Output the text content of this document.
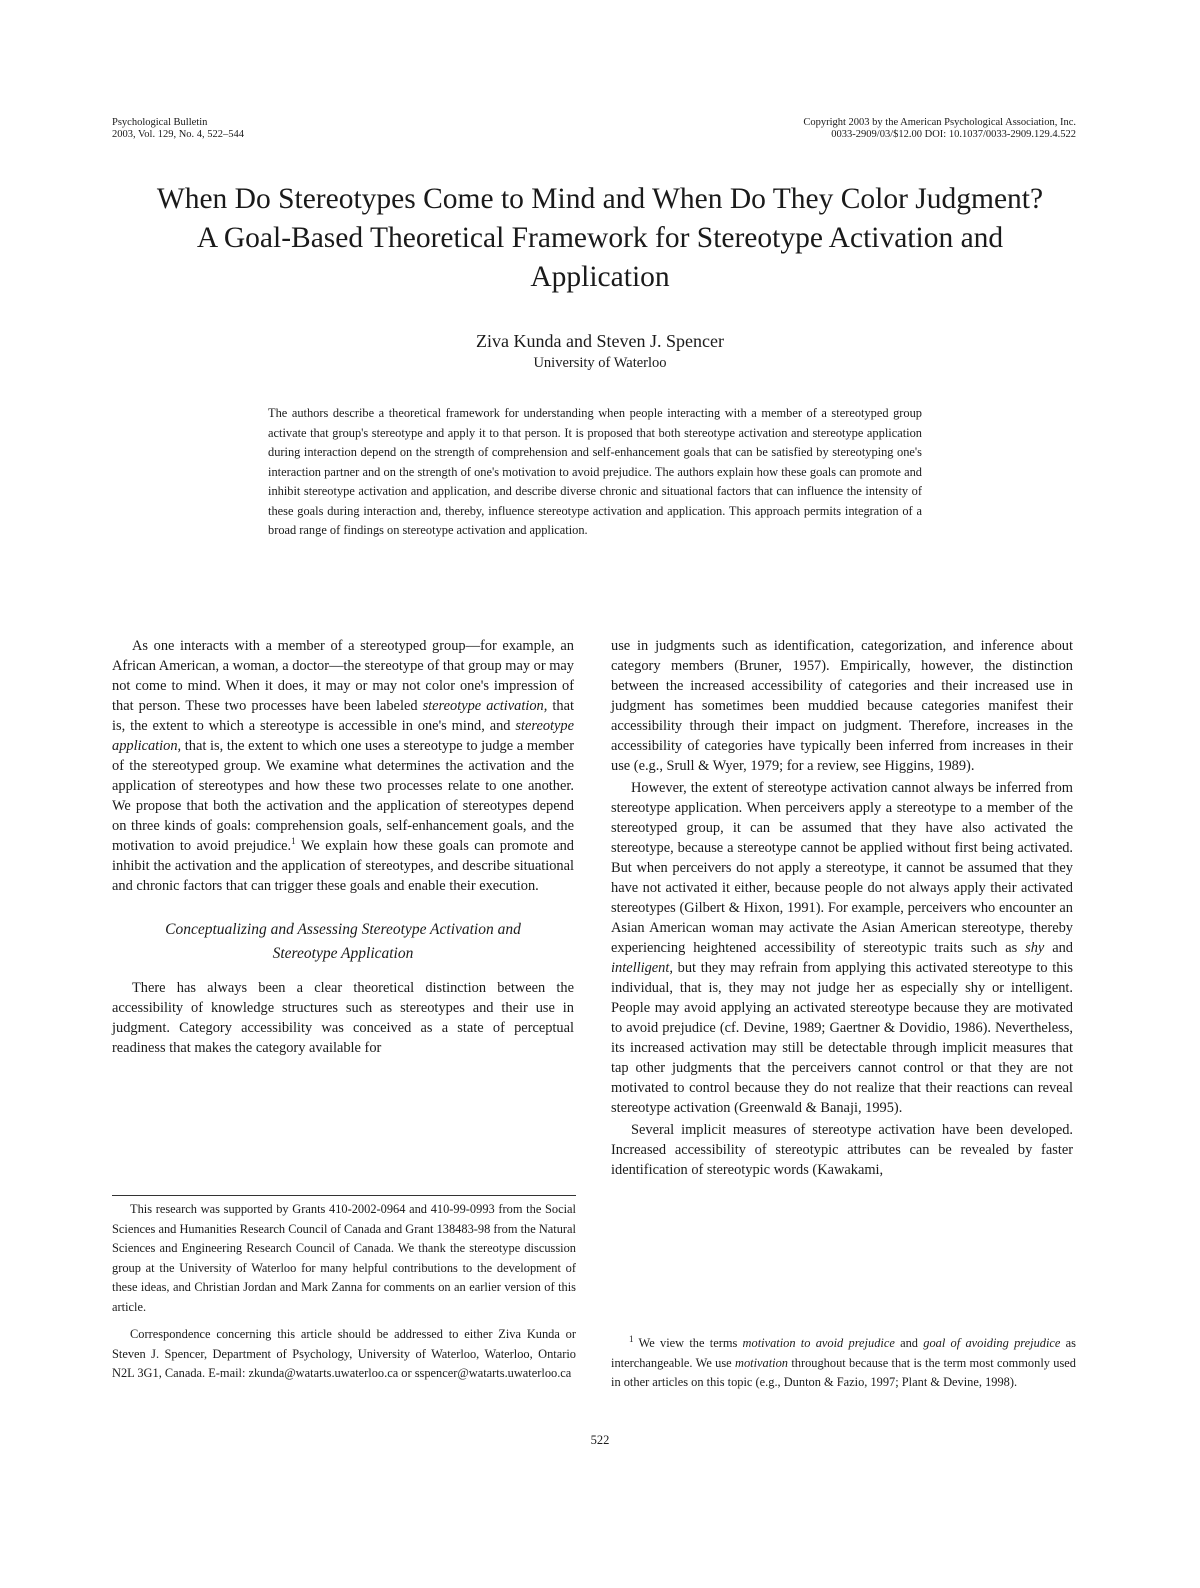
Psychological Bulletin
2003, Vol. 129, No. 4, 522–544
Copyright 2003 by the American Psychological Association, Inc.
0033-2909/03/$12.00 DOI: 10.1037/0033-2909.129.4.522
When Do Stereotypes Come to Mind and When Do They Color Judgment?
A Goal-Based Theoretical Framework for Stereotype Activation and
Application
Ziva Kunda and Steven J. Spencer
University of Waterloo
The authors describe a theoretical framework for understanding when people interacting with a member of a stereotyped group activate that group's stereotype and apply it to that person. It is proposed that both stereotype activation and stereotype application during interaction depend on the strength of comprehension and self-enhancement goals that can be satisfied by stereotyping one's interaction partner and on the strength of one's motivation to avoid prejudice. The authors explain how these goals can promote and inhibit stereotype activation and application, and describe diverse chronic and situational factors that can influence the intensity of these goals during interaction and, thereby, influence stereotype activation and application. This approach permits integration of a broad range of findings on stereotype activation and application.

As one interacts with a member of a stereotyped group—for example, an African American, a woman, a doctor—the stereotype of that group may or may not come to mind. When it does, it may or may not color one's impression of that person. These two processes have been labeled stereotype activation, that is, the extent to which a stereotype is accessible in one's mind, and stereotype application, that is, the extent to which one uses a stereotype to judge a member of the stereotyped group. We examine what determines the activation and the application of stereotypes and how these two processes relate to one another. We propose that both the activation and the application of stereotypes depend on three kinds of goals: comprehension goals, self-enhancement goals, and the motivation to avoid prejudice.$^1$ We explain how these goals can promote and inhibit the activation and the application of stereotypes, and describe situational and chronic factors that can trigger these goals and enable their execution.

Conceptualizing and Assessing Stereotype Activation and
Stereotype Application

There has always been a clear theoretical distinction between the accessibility of knowledge structures such as stereotypes and their use in judgment. Category accessibility was conceived as a state of perceptual readiness that makes the category available for

use in judgments such as identification, categorization, and inference about category members (Bruner, 1957). Empirically, however, the distinction between the increased accessibility of categories and their increased use in judgment has sometimes been muddied because categories manifest their accessibility through their impact on judgment. Therefore, increases in the accessibility of categories have typically been inferred from increases in their use (e.g., Srull & Wyer, 1979; for a review, see Higgins, 1989).

However, the extent of stereotype activation cannot always be inferred from stereotype application. When perceivers apply a stereotype to a member of the stereotyped group, it can be assumed that they have also activated the stereotype, because a stereotype cannot be applied without first being activated. But when perceivers do not apply a stereotype, it cannot be assumed that they have not activated it either, because people do not always apply their activated stereotypes (Gilbert & Hixon, 1991). For example, perceivers who encounter an Asian American woman may activate the Asian American stereotype, thereby experiencing heightened accessibility of stereotypic traits such as shy and intelligent, but they may refrain from applying this activated stereotype to this individual, that is, they may not judge her as especially shy or intelligent. People may avoid applying an activated stereotype because they are motivated to avoid prejudice (cf. Devine, 1989; Gaertner & Dovidio, 1986). Nevertheless, its increased activation may still be detectable through implicit measures that tap other judgments that the perceivers cannot control or that they are not motivated to control because they do not realize that their reactions can reveal stereotype activation (Greenwald & Banaji, 1995).

Several implicit measures of stereotype activation have been developed. Increased accessibility of stereotypic attributes can be revealed by faster identification of stereotypic words (Kawakami,

This research was supported by Grants 410-2002-0964 and 410-99-0993 from the Social Sciences and Humanities Research Council of Canada and Grant 138483-98 from the Natural Sciences and Engineering Research Council of Canada. We thank the stereotype discussion group at the University of Waterloo for many helpful contributions to the development of these ideas, and Christian Jordan and Mark Zanna for comments on an earlier version of this article.

Correspondence concerning this article should be addressed to either Ziva Kunda or Steven J. Spencer, Department of Psychology, University of Waterloo, Waterloo, Ontario N2L 3G1, Canada. E-mail: zkunda@watarts.uwaterloo.ca or sspencer@watarts.uwaterloo.ca

$^1$ We view the terms motivation to avoid prejudice and goal of avoiding prejudice as interchangeable. We use motivation throughout because that is the term most commonly used in other articles on this topic (e.g., Dunton & Fazio, 1997; Plant & Devine, 1998).

522
